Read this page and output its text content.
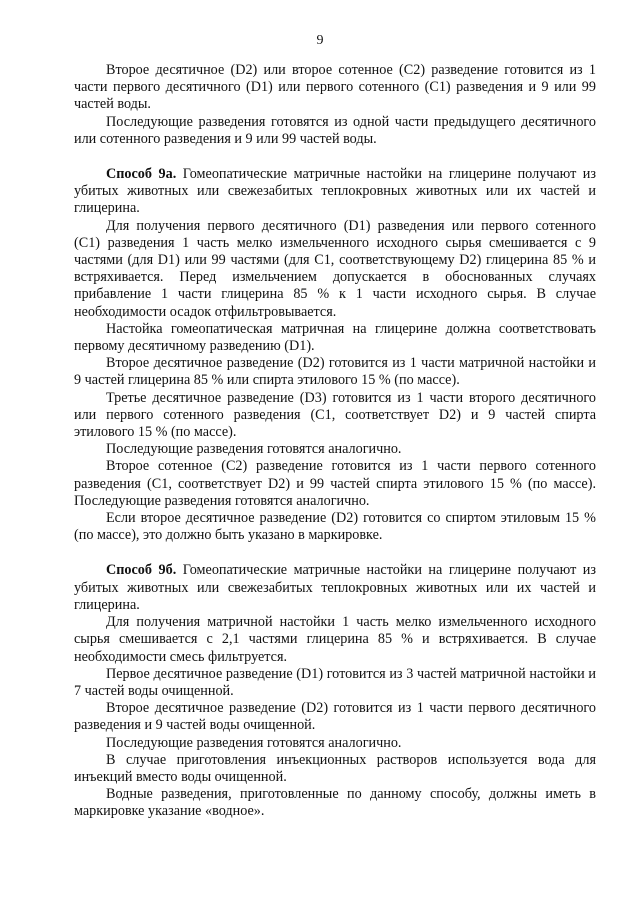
9

Второе десятичное (D2) или второе сотенное (C2) разведение готовится из 1 части первого десятичного (D1) или первого сотенного (C1) разведения и 9 или 99 частей воды.

Последующие разведения готовятся из одной части предыдущего десятичного или сотенного разведения и 9 или 99 частей воды.

Способ 9а. Гомеопатические матричные настойки на глицерине получают из убитых животных или свежезабитых теплокровных животных или их частей и глицерина.

Для получения первого десятичного (D1) разведения или первого сотенного (C1) разведения 1 часть мелко измельченного исходного сырья смешивается с 9 частями (для D1) или 99 частями (для C1, соответствующему D2) глицерина 85 % и встряхивается. Перед измельчением допускается в обоснованных случаях прибавление 1 части глицерина 85 % к 1 части исходного сырья. В случае необходимости осадок отфильтровывается.

Настойка гомеопатическая матричная на глицерине должна соответствовать первому десятичному разведению (D1).

Второе десятичное разведение (D2) готовится из 1 части матричной настойки и 9 частей глицерина 85 % или спирта этилового 15 % (по массе).

Третье десятичное разведение (D3) готовится из 1 части второго десятичного или первого сотенного разведения (C1, соответствует D2) и 9 частей спирта этилового 15 % (по массе).

Последующие разведения готовятся аналогично.

Второе сотенное (C2) разведение готовится из 1 части первого сотенного разведения (C1, соответствует D2) и 99 частей спирта этилового 15 % (по массе). Последующие разведения готовятся аналогично.

Если второе десятичное разведение (D2) готовится со спиртом этиловым 15 % (по массе), это должно быть указано в маркировке.

Способ 9б. Гомеопатические матричные настойки на глицерине получают из убитых животных или свежезабитых теплокровных животных или их частей и глицерина.

Для получения матричной настойки 1 часть мелко измельченного исходного сырья смешивается с 2,1 частями глицерина 85 % и встряхивается. В случае необходимости смесь фильтруется.

Первое десятичное разведение (D1) готовится из 3 частей матричной настойки и 7 частей воды очищенной.

Второе десятичное разведение (D2) готовится из 1 части первого десятичного разведения и 9 частей воды очищенной.

Последующие разведения готовятся аналогично.

В случае приготовления инъекционных растворов используется вода для инъекций вместо воды очищенной.

Водные разведения, приготовленные по данному способу, должны иметь в маркировке указание «водное».
